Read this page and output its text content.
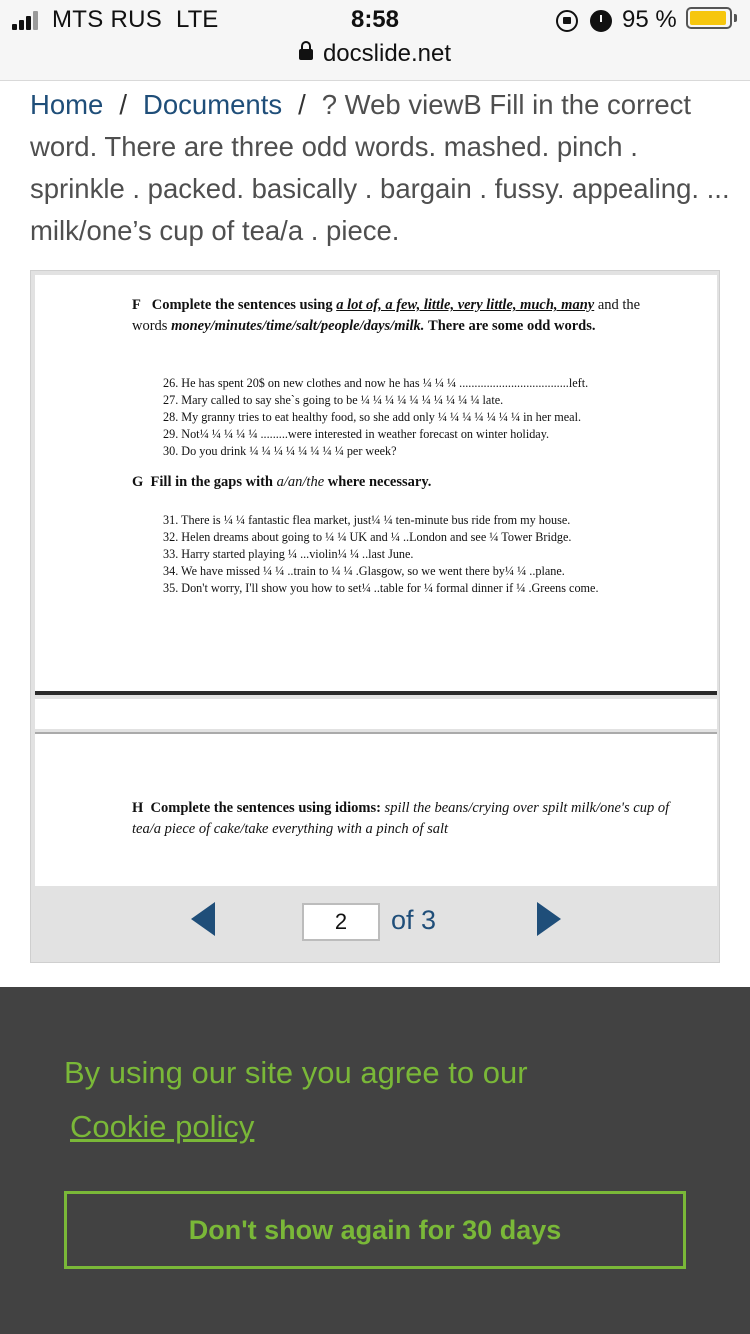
MTS RUS LTE	8:58	95 %
docslide.net
Home / Documents / ? Web viewB Fill in the correct word. There are three odd words. mashed. pinch . sprinkle . packed. basically . bargain . fussy. appealing. ... milk/one’s cup of tea/a . piece.
F Complete the sentences using a lot of, a few, little, very little, much, many and the words money/minutes/time/salt/people/days/milk. There are some odd words.
26. He has spent 20$ on new clothes and now he has ¼ ¼ ¼ ....................................left.
27. Mary called to say she`s going to be ¼ ¼ ¼ ¼ ¼ ¼ ¼ ¼ ¼ ¼ late.
28. My granny tries to eat healthy food, so she add only ¼ ¼ ¼ ¼ ¼ ¼ ¼ in her meal.
29. Not¼ ¼ ¼ ¼ ¼ .........were interested in weather forecast on winter holiday.
30. Do you drink ¼ ¼ ¼ ¼ ¼ ¼ ¼ ¼ per week?
G Fill in the gaps with a/an/the where necessary.
31. There is ¼ ¼ fantastic flea market, just¼ ¼ ten-minute bus ride from my house.
32. Helen dreams about going to ¼ ¼ UK and ¼ ..London and see ¼ Tower Bridge.
33. Harry started playing ¼ ...violin¼ ¼ ..last June.
34. We have missed ¼ ¼ ..train to ¼ ¼ .Glasgow, so we went there by¼ ¼ ..plane.
35. Don't worry, I'll show you how to set¼ ..table for ¼ formal dinner if ¼ .Greens come.
H Complete the sentences using idioms: spill the beans/crying over spilt milk/one's cup of tea/a piece of cake/take everything with a pinch of salt
2	of 3
By using our site you agree to our
Cookie policy
Don't show again for 30 days
